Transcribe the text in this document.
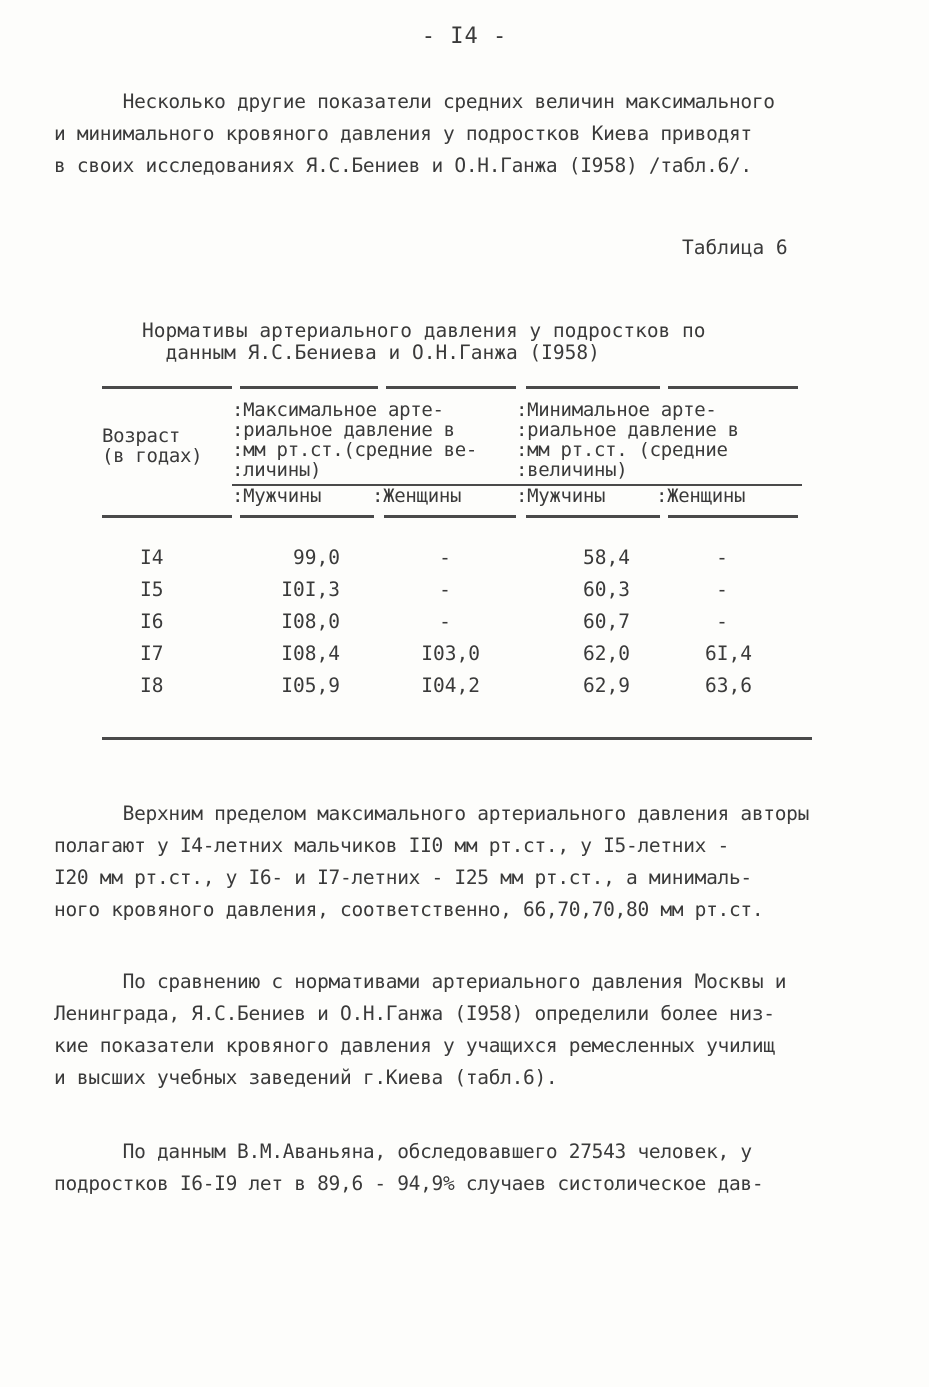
- I4 -
Несколько другие показатели средних величин максимального
и минимального кровяного давления у подростков Киева приводят
в своих исследованиях Я.С.Бениев и О.Н.Ганжа (I958) /табл.6/.
Таблица 6
Нормативы артериального давления у подростков по
данным Я.С.Бениева и О.Н.Ганжа (I958)
Возраст
(в годах)
:Максимальное арте-
:риальное давление в
:мм рт.ст.(средние ве-
:личины)
:Минимальное арте-
:риальное давление в
:мм рт.ст. (средние
:величины)
:Мужчины	:Женщины	:Мужчины	:Женщины
I4	99,0	-	58,4	-
I5	I0I,3	-	60,3	-
I6	I08,0	-	60,7	-
I7	I08,4	I03,0	62,0	6I,4
I8	I05,9	I04,2	62,9	63,6
Верхним пределом максимального артериального давления авторы
полагают у I4-летних мальчиков II0 мм рт.ст., у I5-летних -
I20 мм рт.ст., у I6- и I7-летних - I25 мм рт.ст., а минималь-
ного кровяного давления, соответственно, 66,70,70,80 мм рт.ст.
По сравнению с нормативами артериального давления Москвы и
Ленинграда, Я.С.Бениев и О.Н.Ганжа (I958) определили более низ-
кие показатели кровяного давления у учащихся ремесленных училищ
и высших учебных заведений г.Киева (табл.6).
По данным В.М.Аваньяна, обследовавшего 27543 человек, у
подростков I6-I9 лет в 89,6 - 94,9% случаев систолическое дав-
